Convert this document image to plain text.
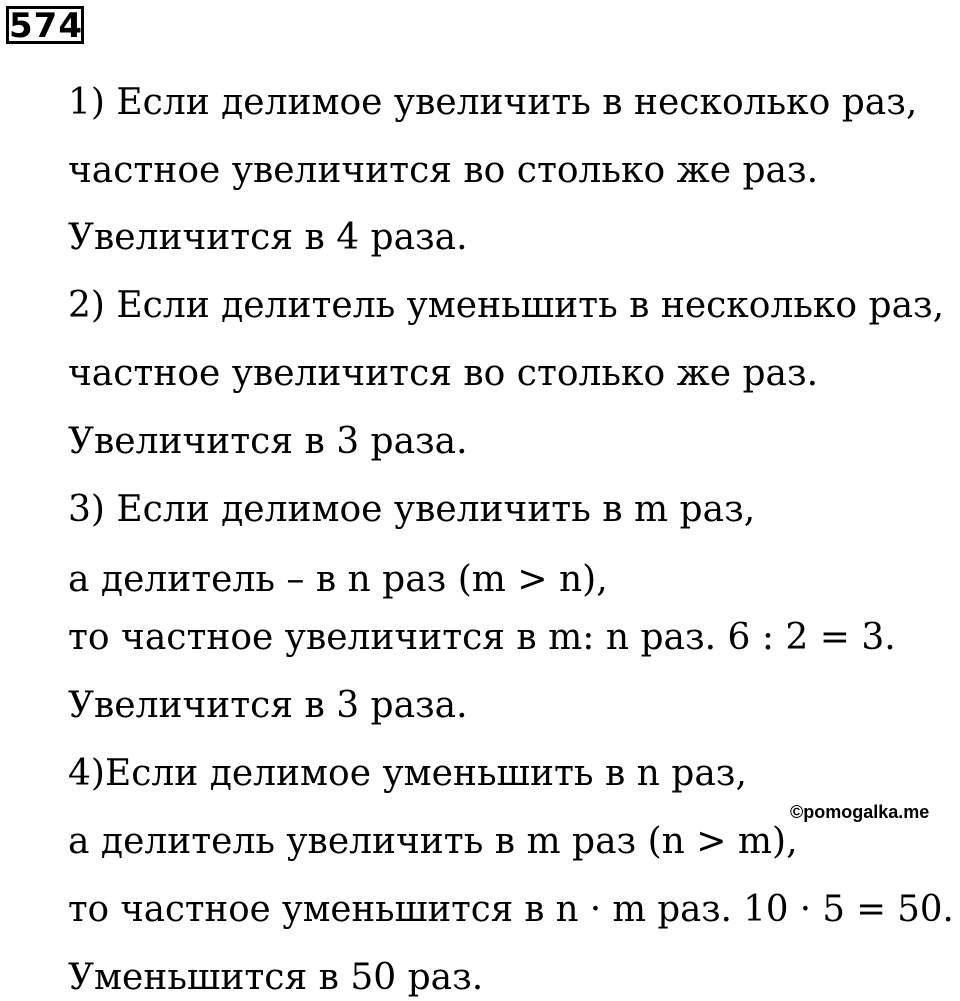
574
1) Если делимое увеличить в несколько раз,
частное увеличится во столько же раз.
Увеличится в 4 раза.
2) Если делитель уменьшить в несколько раз,
частное увеличится во столько же раз.
Увеличится в 3 раза.
3) Если делимое увеличить в m раз,
а делитель – в n раз (m > n),
то частное увеличится в m: n раз. 6 : 2 = 3.
Увеличится в 3 раза.
4)Если делимое уменьшить в n раз,
а делитель увеличить в m раз (n > m),
то частное уменьшится в n · m раз. 10 · 5 = 50.
Уменьшится в 50 раз.
©pomogalka.me
